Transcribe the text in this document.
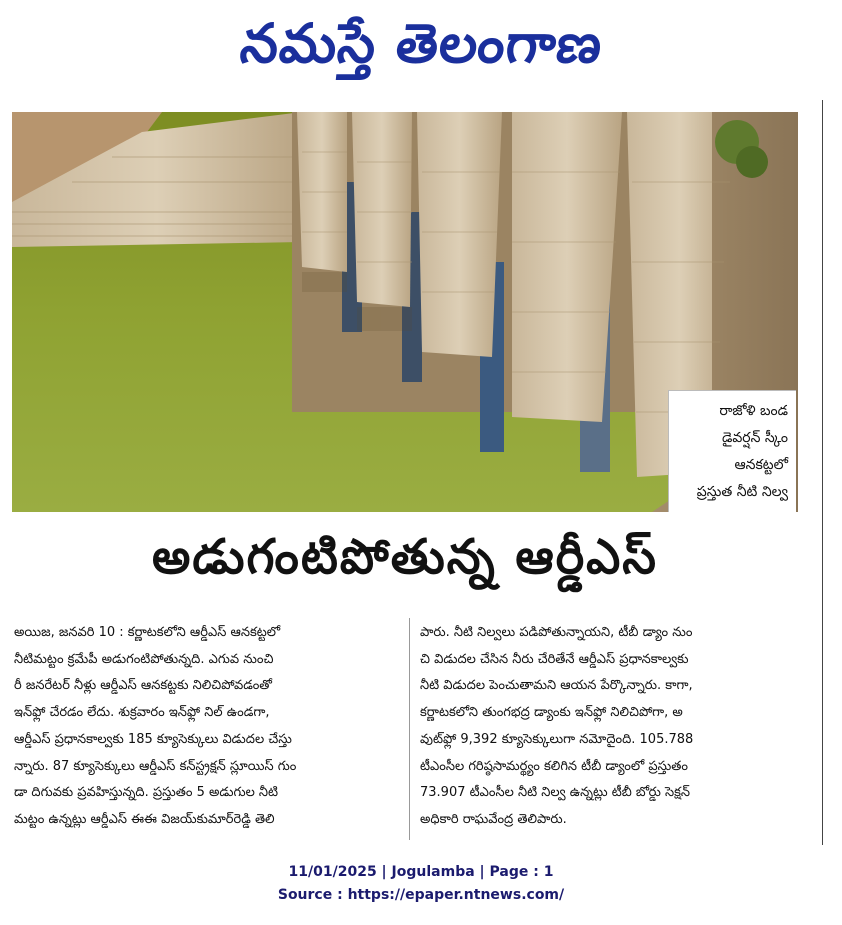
నమస్తే తెలంగాణ
రాజోళి బండ
డైవర్షన్ స్కీం
ఆనకట్టలో
ప్రస్తుత నీటి నిల్వ
అడుగంటిపోతున్న ఆర్డీఎస్
అయిజ, జనవరి 10 : కర్ణాటకలోని ఆర్డీఎస్ ఆనకట్టలో
నీటిమట్టం క్రమేపీ అడుగంటిపోతున్నది. ఎగువ నుంచి
రీ జనరేటర్ నీళ్లు ఆర్డీఎస్ ఆనకట్టకు నిలిచిపోవడంతో
ఇన్‌ఫ్లో చేరడం లేదు. శుక్రవారం ఇన్‌ఫ్లో నిల్ ఉండగా,
ఆర్డీఎస్ ప్రధానకాల్వకు 185 క్యూసెక్కులు విడుదల చేస్తు
న్నారు. 87 క్యూసెక్కులు ఆర్డీఎస్ కన్‌స్ట్రక్షన్ స్లూయిస్ గుం
డా దిగువకు ప్రవహిస్తున్నది. ప్రస్తుతం 5 అడుగుల నీటి
మట్టం ఉన్నట్లు ఆర్డీఎస్ ఈఈ విజయ్‌కుమార్‌రెడ్డి తెలి
పారు. నీటి నిల్వలు పడిపోతున్నాయని, టీబీ డ్యాం నుం
చి విడుదల చేసిన నీరు చేరితేనే ఆర్డీఎస్ ప్రధానకాల్వకు
నీటి విడుదల పెంచుతామని ఆయన పేర్కొన్నారు. కాగా,
కర్ణాటకలోని తుంగభద్ర డ్యాంకు ఇన్‌ఫ్లో నిలిచిపోగా, అ
వుట్‌ఫ్లో 9,392 క్యూసెక్కులుగా నమోదైంది. 105.788
టీఎంసీల గరిష్ఠసామర్థ్యం కలిగిన టీబీ డ్యాంలో ప్రస్తుతం
73.907 టీఎంసీల నీటి నిల్వ ఉన్నట్లు టీబీ బోర్డు సెక్షన్
అధికారి రాఘవేంద్ర తెలిపారు.
11/01/2025 | Jogulamba | Page : 1
Source : https://epaper.ntnews.com/
